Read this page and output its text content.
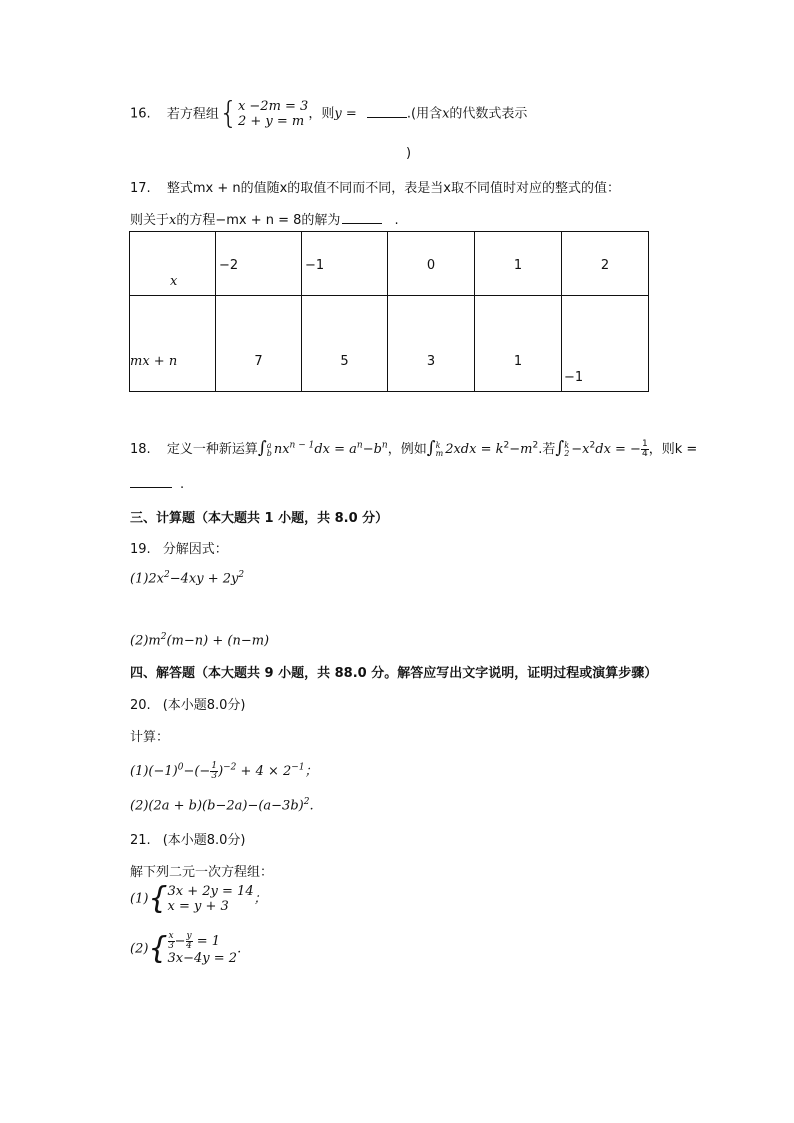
16. 若方程组 { x −2m = 3
2 + y = m ，则y =	.(用含x的代数式表示
)
17. 整式mx + n的值随x的取值不同而不同，表是当x取不同值时对应的整式的值：
则关于x的方程−mx + n = 8的解为	.
x	−2	−1	0	1	2
mx + n	7	5	3	1	−1
18. 定义一种新运算∫ a
b $nx^{n - 1}dx = a^n-b^n$，例如∫ k
m $2xdx = k^2-m^2$.若∫ k
$2 -x^2dx$ = − $\frac{1}{4}$ ，则k =
.
三、计算题（本大题共 1 小题，共 8.0 分）
19. 分解因式：
$(1)2x^2-4xy + 2y^2$
$(2)m^2(m-n) + (n-m)$
四、解答题（本大题共 9 小题，共 88.0 分。解答应写出文字说明，证明过程或演算步骤）
20. (本小题8.0分)
计算：
$(1)(-1)^0-(- \frac{1}{3} )^{-2} + 4 \times 2^{-1}$；
$(2)(2a + b)(b-2a)-(a-3b)^2$.
21. (本小题8.0分)
解下列二元一次方程组：
(1) { 3x + 2y = 14
x = y + 3	；
(2) { $\frac{x}{3} - \frac{y}{4} = 1$
3x−4y = 2
.
